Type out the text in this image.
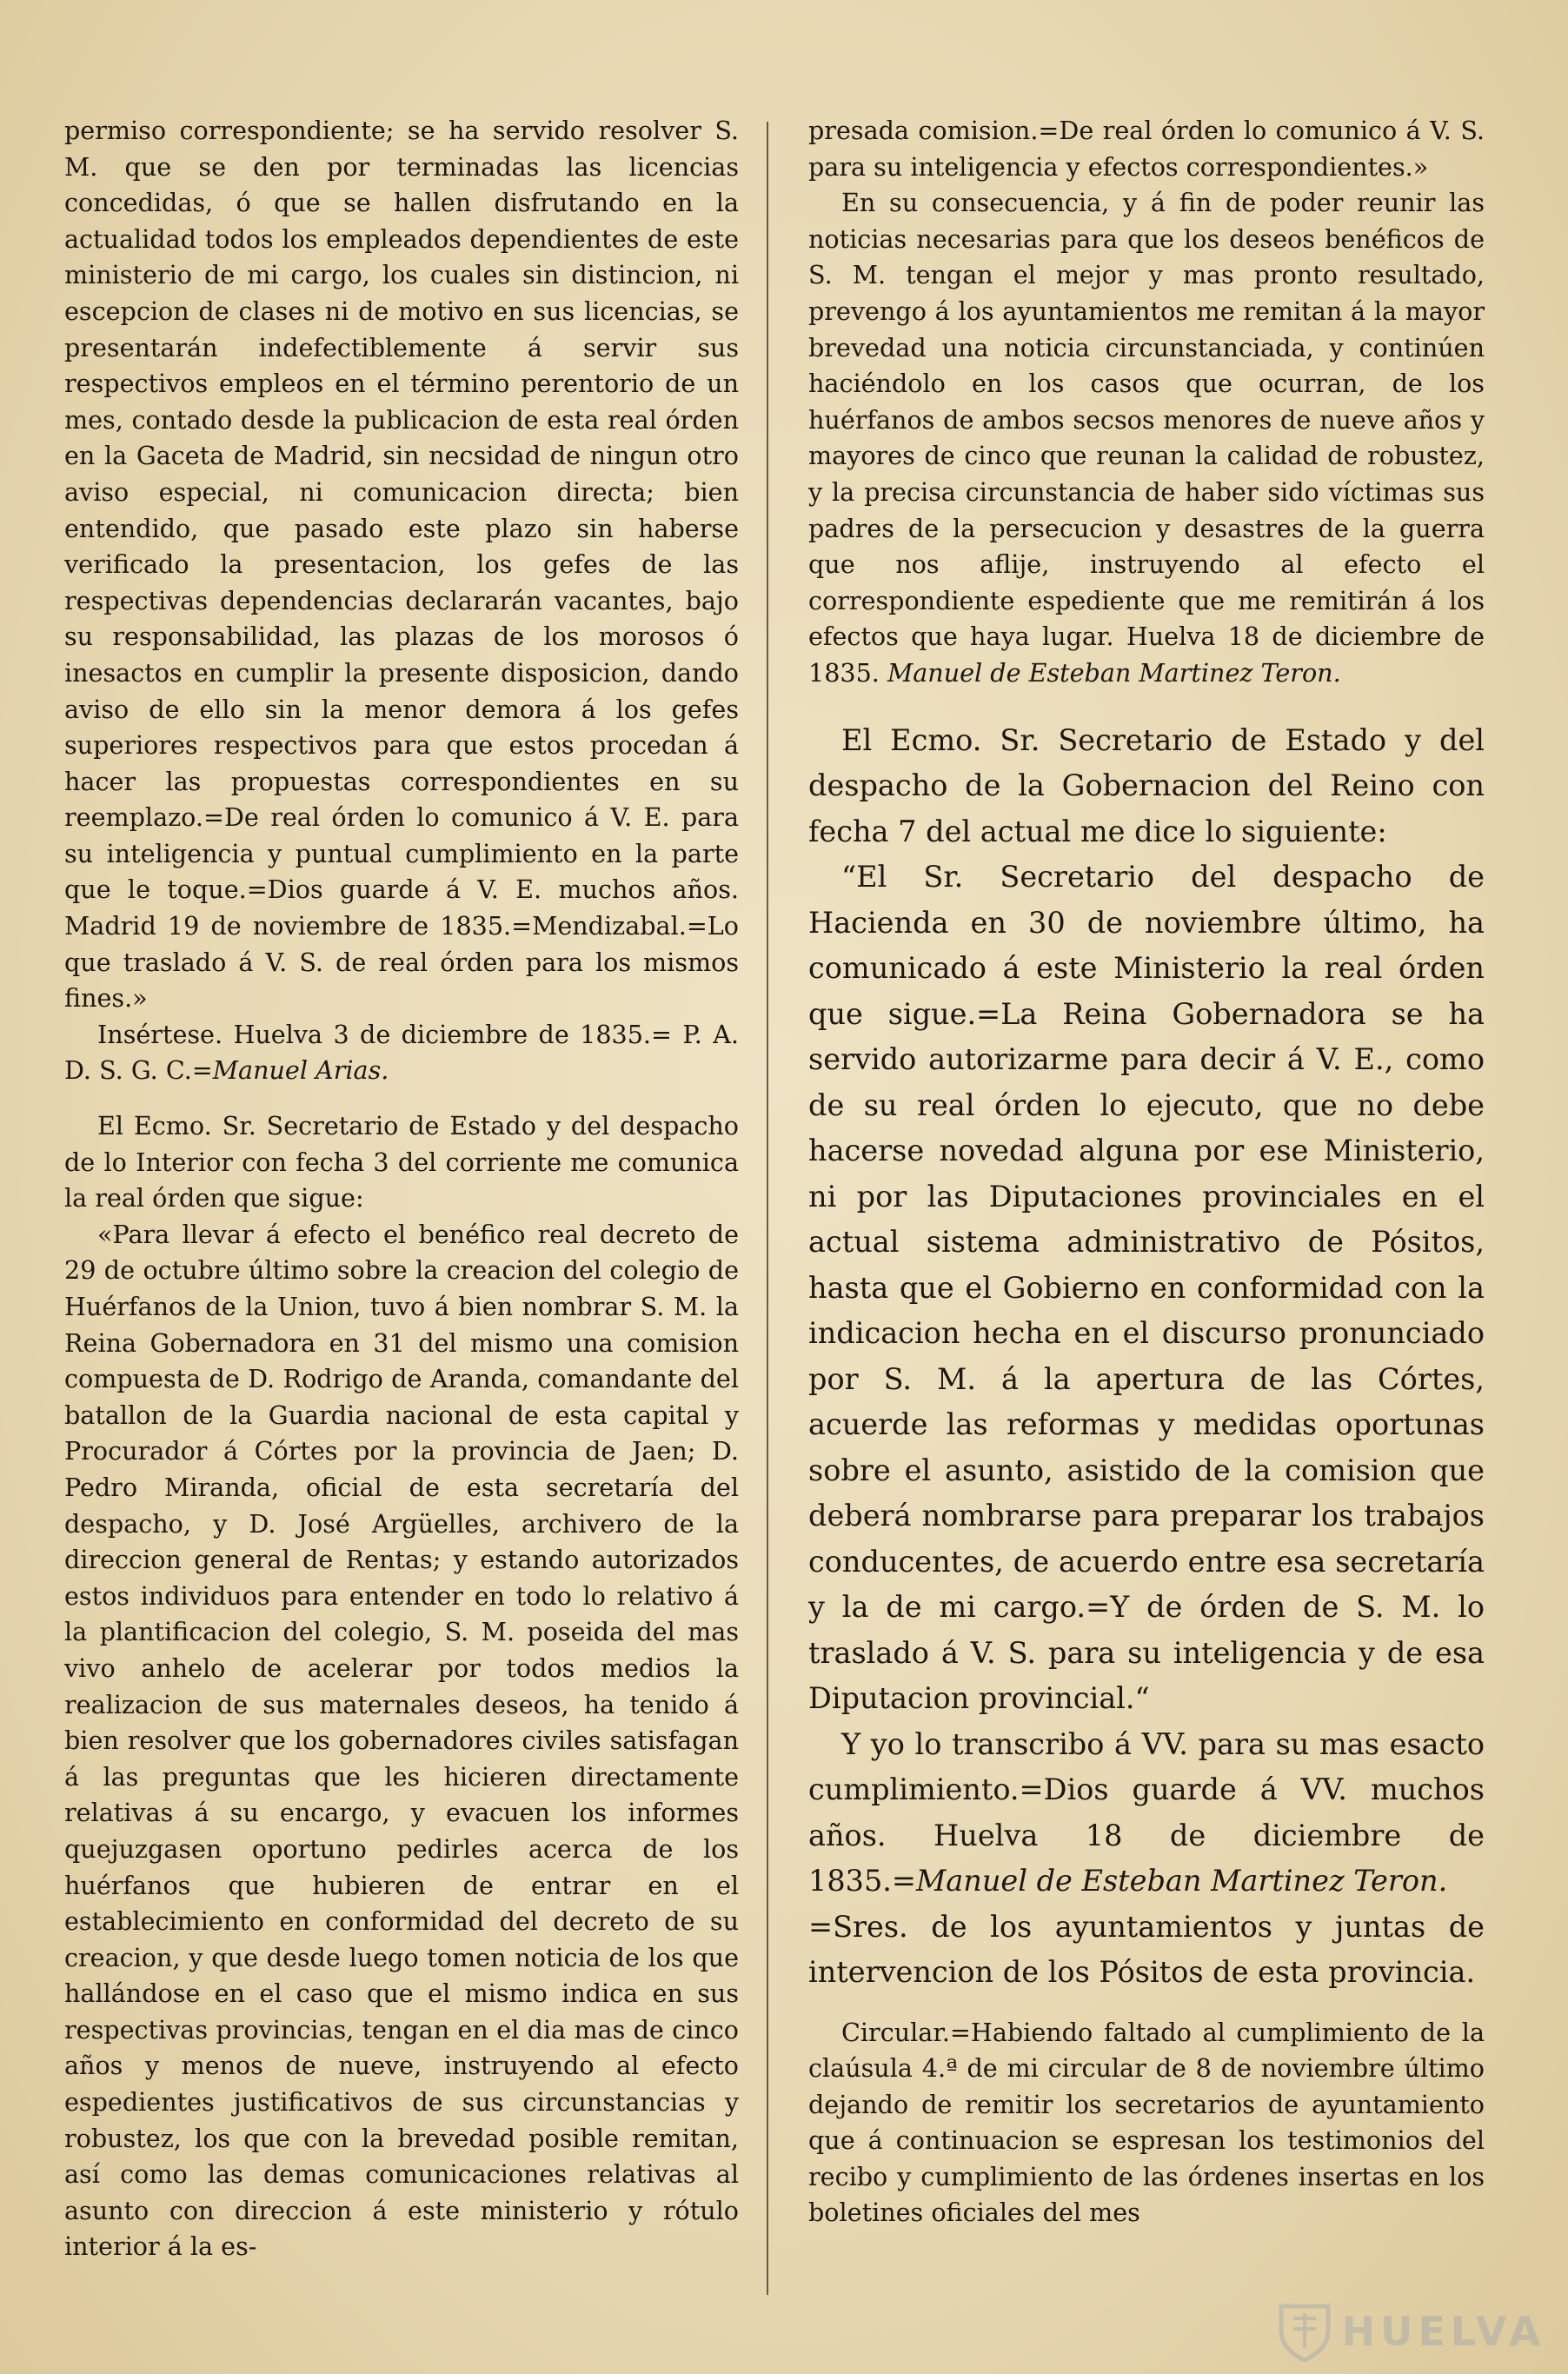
permiso correspondiente; se ha servido resolver S. M. que se den por terminadas las licencias concedidas, ó que se hallen disfrutando en la actualidad todos los empleados dependientes de este ministerio de mi cargo, los cuales sin distincion, ni escepcion de clases ni de motivo en sus licencias, se presentarán indefectiblemente á servir sus respectivos empleos en el término perentorio de un mes, contado desde la publicacion de esta real órden en la Gaceta de Madrid, sin necsidad de ningun otro aviso especial, ni comunicacion directa; bien entendido, que pasado este plazo sin haberse verificado la presentacion, los gefes de las respectivas dependencias declararán vacantes, bajo su responsabilidad, las plazas de los morosos ó inesactos en cumplir la presente disposicion, dando aviso de ello sin la menor demora á los gefes superiores respectivos para que estos procedan á hacer las propuestas correspondientes en su reemplazo.=De real órden lo comunico á V. E. para su inteligencia y puntual cumplimiento en la parte que le toque.=Dios guarde á V. E. muchos años. Madrid 19 de noviembre de 1835.=Mendizabal.=Lo que traslado á V. S. de real órden para los mismos fines.»

Insértese. Huelva 3 de diciembre de 1835.= P. A. D. S. G. C.=Manuel Arias.

El Ecmo. Sr. Secretario de Estado y del despacho de lo Interior con fecha 3 del corriente me comunica la real órden que sigue:

«Para llevar á efecto el benéfico real decreto de 29 de octubre último sobre la creacion del colegio de Huérfanos de la Union, tuvo á bien nombrar S. M. la Reina Gobernadora en 31 del mismo una comision compuesta de D. Rodrigo de Aranda, comandante del batallon de la Guardia nacional de esta capital y Procurador á Córtes por la provincia de Jaen; D. Pedro Miranda, oficial de esta secretaría del despacho, y D. José Argüelles, archivero de la direccion general de Rentas; y estando autorizados estos individuos para entender en todo lo relativo á la plantificacion del colegio, S. M. poseida del mas vivo anhelo de acelerar por todos medios la realizacion de sus maternales deseos, ha tenido á bien resolver que los gobernadores civiles satisfagan á las preguntas que les hicieren directamente relativas á su encargo, y evacuen los informes quejuzgasen oportuno pedirles acerca de los huérfanos que hubieren de entrar en el establecimiento en conformidad del decreto de su creacion, y que desde luego tomen noticia de los que hallándose en el caso que el mismo indica en sus respectivas provincias, tengan en el dia mas de cinco años y menos de nueve, instruyendo al efecto espedientes justificativos de sus circunstancias y robustez, los que con la brevedad posible remitan, así como las demas comunicaciones relativas al asunto con direccion á este ministerio y rótulo interior á la es-

presada comision.=De real órden lo comunico á V. S. para su inteligencia y efectos correspondientes.»

En su consecuencia, y á fin de poder reunir las noticias necesarias para que los deseos benéficos de S. M. tengan el mejor y mas pronto resultado, prevengo á los ayuntamientos me remitan á la mayor brevedad una noticia circunstanciada, y continúen haciéndolo en los casos que ocurran, de los huérfanos de ambos secsos menores de nueve años y mayores de cinco que reunan la calidad de robustez, y la precisa circunstancia de haber sido víctimas sus padres de la persecucion y desastres de la guerra que nos aflije, instruyendo al efecto el correspondiente espediente que me remitirán á los efectos que haya lugar. Huelva 18 de diciembre de 1835. Manuel de Esteban Martinez Teron.

El Ecmo. Sr. Secretario de Estado y del despacho de la Gobernacion del Reino con fecha 7 del actual me dice lo siguiente:

“El Sr. Secretario del despacho de Hacienda en 30 de noviembre último, ha comunicado á este Ministerio la real órden que sigue.=La Reina Gobernadora se ha servido autorizarme para decir á V. E., como de su real órden lo ejecuto, que no debe hacerse novedad alguna por ese Ministerio, ni por las Diputaciones provinciales en el actual sistema administrativo de Pósitos, hasta que el Gobierno en conformidad con la indicacion hecha en el discurso pronunciado por S. M. á la apertura de las Córtes, acuerde las reformas y medidas oportunas sobre el asunto, asistido de la comision que deberá nombrarse para preparar los trabajos conducentes, de acuerdo entre esa secretaría y la de mi cargo.=Y de órden de S. M. lo traslado á V. S. para su inteligencia y de esa Diputacion provincial.“

Y yo lo transcribo á VV. para su mas esacto cumplimiento.=Dios guarde á VV. muchos años. Huelva 18 de diciembre de 1835.=Manuel de Esteban Martinez Teron.

=Sres. de los ayuntamientos y juntas de intervencion de los Pósitos de esta provincia.

Circular.=Habiendo faltado al cumplimiento de la claúsula 4.ª de mi circular de 8 de noviembre último dejando de remitir los secretarios de ayuntamiento que á continuacion se espresan los testimonios del recibo y cumplimiento de las órdenes insertas en los boletines oficiales del mes

HUELVA
